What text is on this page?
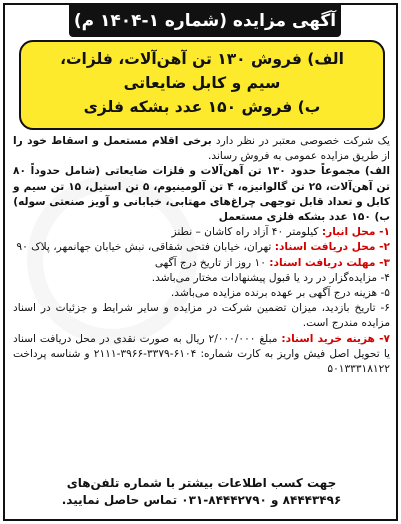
آگهی مزایده (شماره ۱-۱۴۰۴ م)
الف) فروش ۱۳۰ تن آهن‌آلات، فلزات،
سیم و کابل ضایعاتی
ب) فروش ۱۵۰ عدد بشکه فلزی

یک شرکت خصوصی معتبر در نظر دارد برخی اقلام مستعمل و اسقاط خود را از طریق مزایده عمومی به فروش رساند.

الف) مجموعاً حدود ۱۳۰ تن آهن‌آلات و فلزات ضایعاتی (شامل حدوداً ۸۰ تن آهن‌آلات، ۲۵ تن گالوانیزه، ۴ تن آلومینیوم، ۵ تن استیل، ۱۵ تن سیم و کابل و تعداد قابل توجهی چراغ‌های مهتابی، خیابانی و آویز صنعتی سوله)

ب) ۱۵۰ عدد بشکه فلزی مستعمل

۱- محل انبار: کیلومتر ۴۰ آزاد راه کاشان – نطنز

۲- محل دریافت اسناد: تهران، خیابان فتحی شقاقی، نبش خیابان جهانمهر، پلاک ۹۰

۳- مهلت دریافت اسناد: ۱۰ روز از تاریخ درج آگهی

۴- مزایده‌گزار در رد یا قبول پیشنهادات مختار می‌باشد.

۵- هزینه درج آگهی بر عهده برنده مزایده می‌باشد.

۶- تاریخ بازدید، میزان تضمین شرکت در مزایده و سایر شرایط و جزئیات در اسناد مزایده مندرج است.

۷- هزینه خرید اسناد: مبلغ ۲/۰۰۰/۰۰۰ ریال به صورت نقدی در محل دریافت اسناد یا تحویل اصل فیش واریز به کارت شماره: ۶۱۰۴-۳۳۷۹-۳۹۶۶-۲۱۱۱ و شناسه پرداخت ۵۰۱۳۳۳۱۸۱۲۲

جهت کسب اطلاعات بیشتر با شماره تلفن‌های
۸۴۴۴۳۴۹۶ و ۸۴۴۴۲۷۹۰-۰۳۱ تماس حاصل نمایید.
